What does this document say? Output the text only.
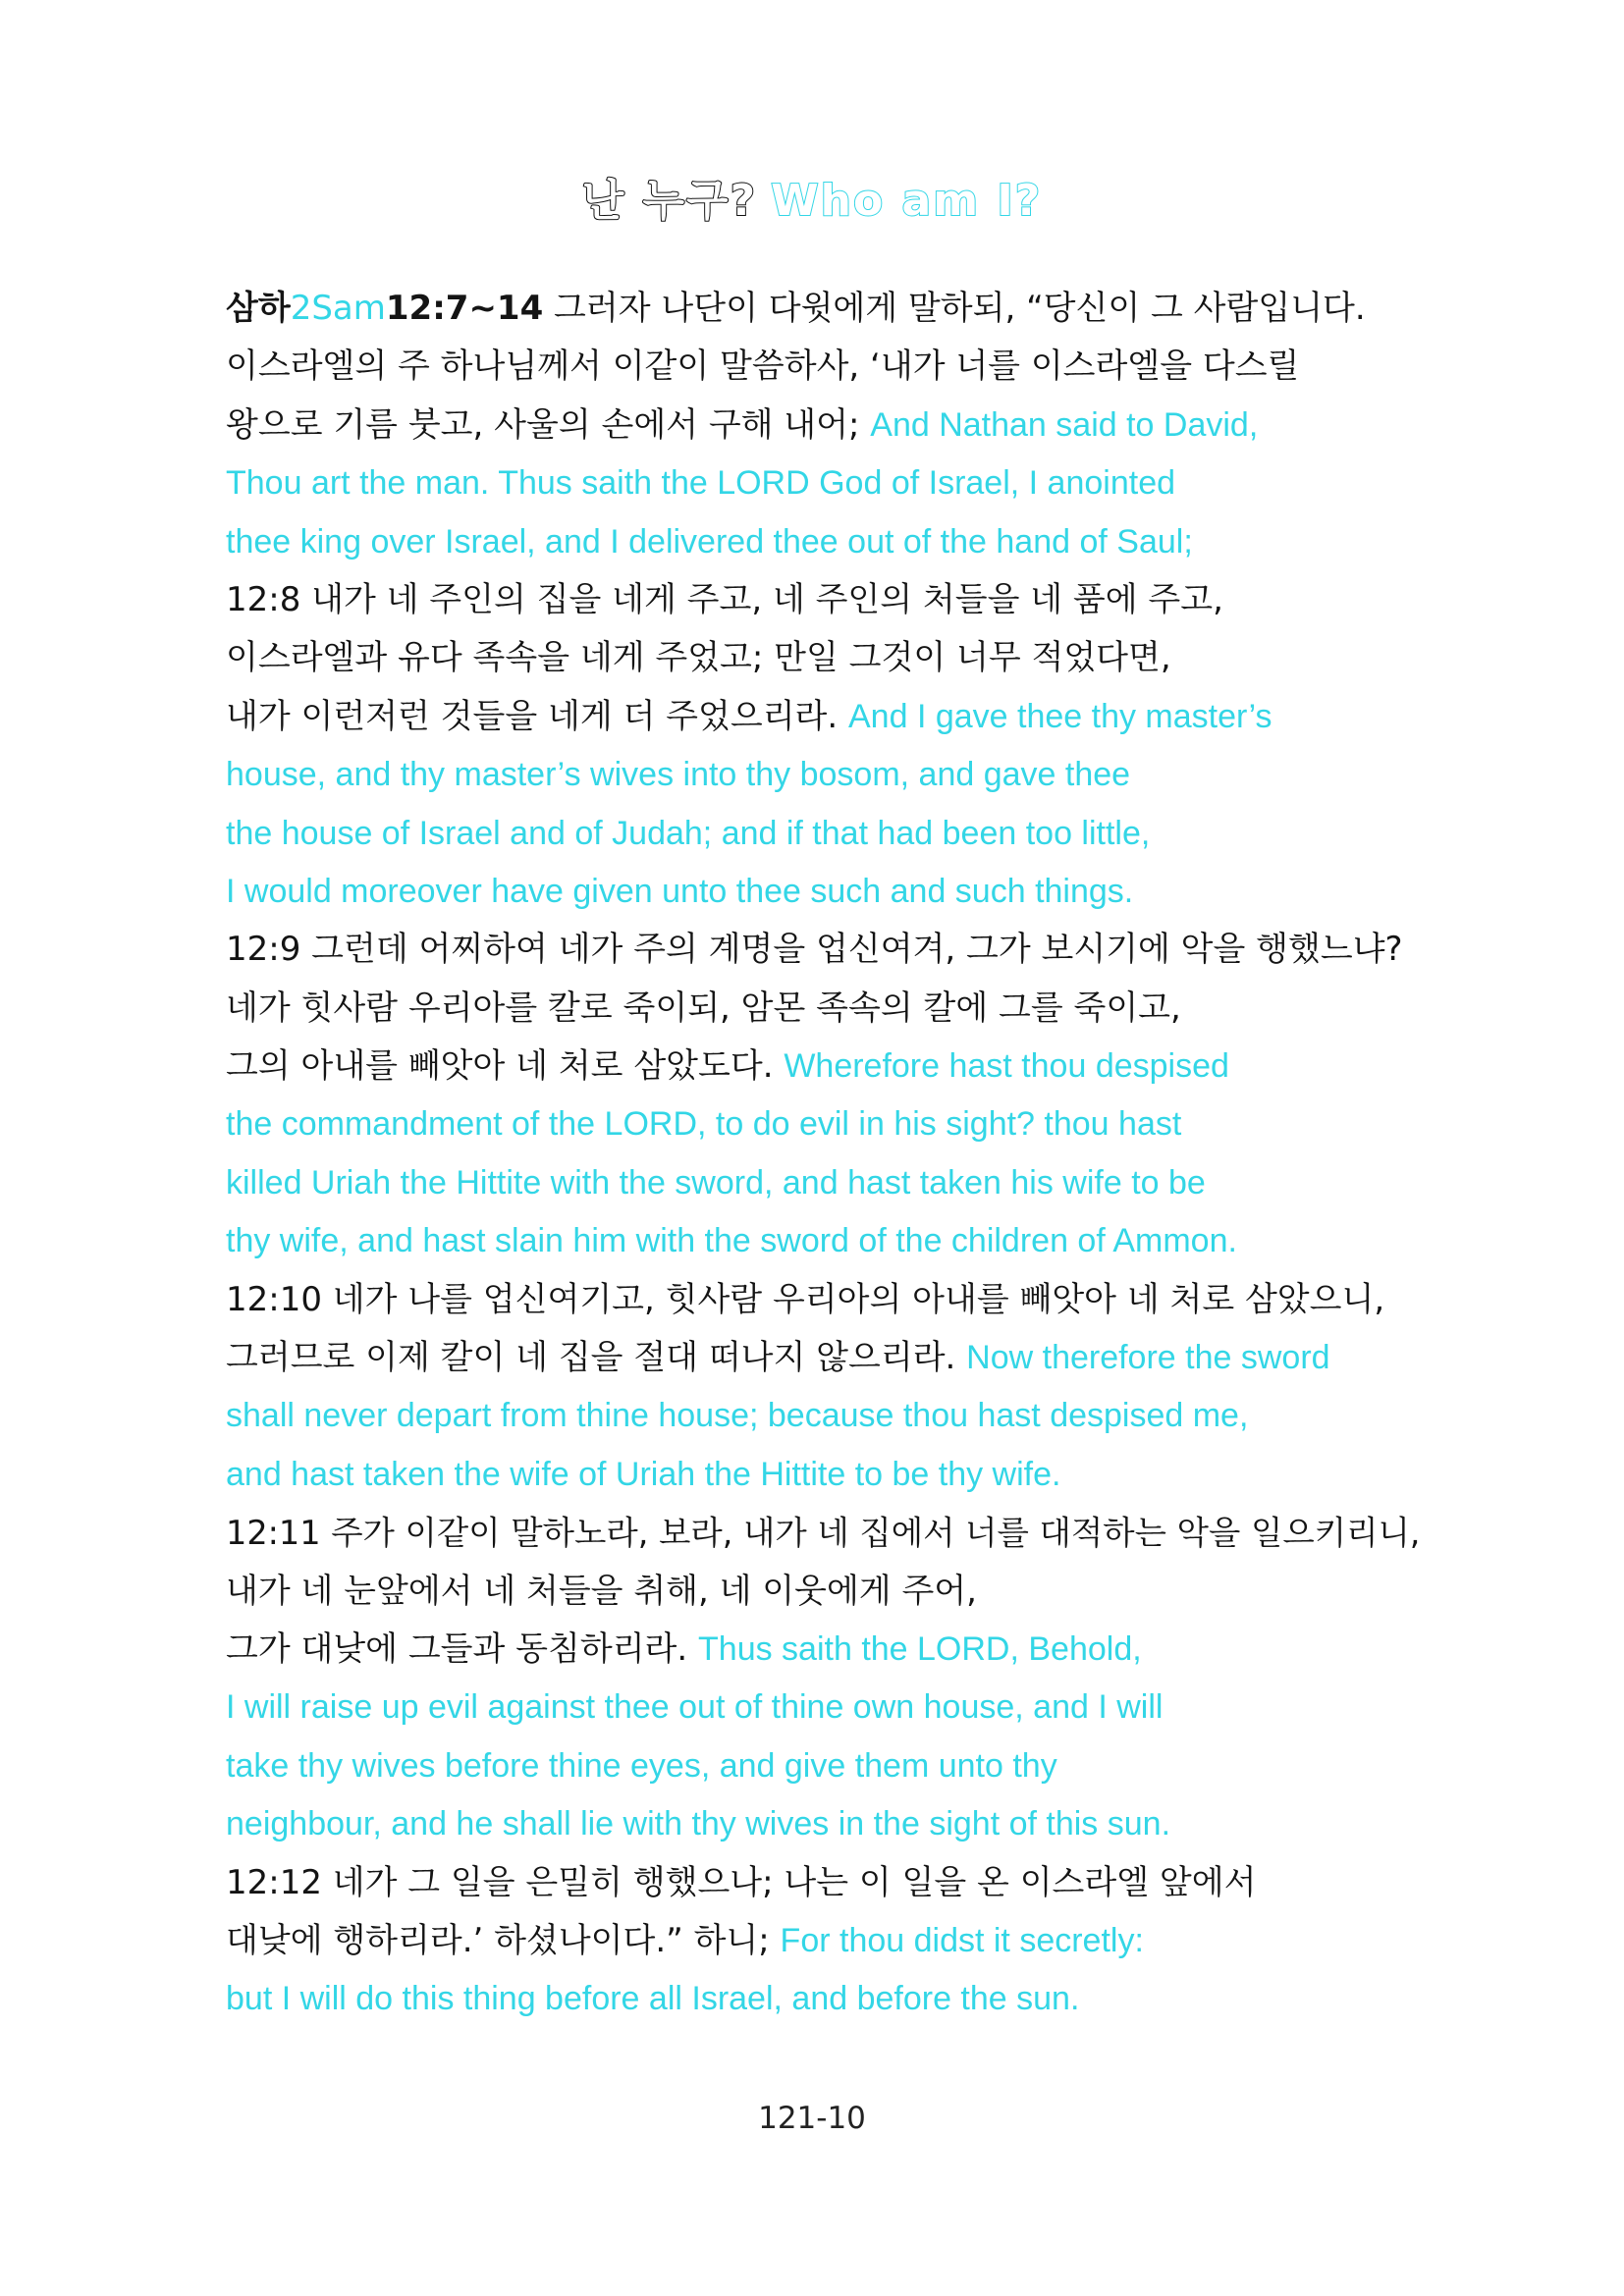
난 누구? Who am I?
삼하2Sam12:7~14 그러자 나단이 다윗에게 말하되, “당신이 그 사람입니다.
이스라엘의 주 하나님께서 이같이 말씀하사, ‘내가 너를 이스라엘을 다스릴
왕으로 기름 붓고, 사울의 손에서 구해 내어; And Nathan said to David,
Thou art the man. Thus saith the LORD God of Israel, I anointed
thee king over Israel, and I delivered thee out of the hand of Saul;
12:8 내가 네 주인의 집을 네게 주고, 네 주인의 처들을 네 품에 주고,
이스라엘과 유다 족속을 네게 주었고; 만일 그것이 너무 적었다면,
내가 이런저런 것들을 네게 더 주었으리라. And I gave thee thy master’s
house, and thy master’s wives into thy bosom, and gave thee
the house of Israel and of Judah; and if that had been too little,
I would moreover have given unto thee such and such things.
12:9 그런데 어찌하여 네가 주의 계명을 업신여겨, 그가 보시기에 악을 행했느냐?
네가 힛사람 우리아를 칼로 죽이되, 암몬 족속의 칼에 그를 죽이고,
그의 아내를 빼앗아 네 처로 삼았도다. Wherefore hast thou despised
the commandment of the LORD, to do evil in his sight? thou hast
killed Uriah the Hittite with the sword, and hast taken his wife to be
thy wife, and hast slain him with the sword of the children of Ammon.
12:10 네가 나를 업신여기고, 힛사람 우리아의 아내를 빼앗아 네 처로 삼았으니,
그러므로 이제 칼이 네 집을 절대 떠나지 않으리라. Now therefore the sword
shall never depart from thine house; because thou hast despised me,
and hast taken the wife of Uriah the Hittite to be thy wife.
12:11 주가 이같이 말하노라, 보라, 내가 네 집에서 너를 대적하는 악을 일으키리니,
내가 네 눈앞에서 네 처들을 취해, 네 이웃에게 주어,
그가 대낮에 그들과 동침하리라. Thus saith the LORD, Behold,
I will raise up evil against thee out of thine own house, and I will
take thy wives before thine eyes, and give them unto thy
neighbour, and he shall lie with thy wives in the sight of this sun.
12:12 네가 그 일을 은밀히 행했으나; 나는 이 일을 온 이스라엘 앞에서
대낮에 행하리라.’ 하셨나이다.” 하니; For thou didst it secretly:
but I will do this thing before all Israel, and before the sun.
121-10
